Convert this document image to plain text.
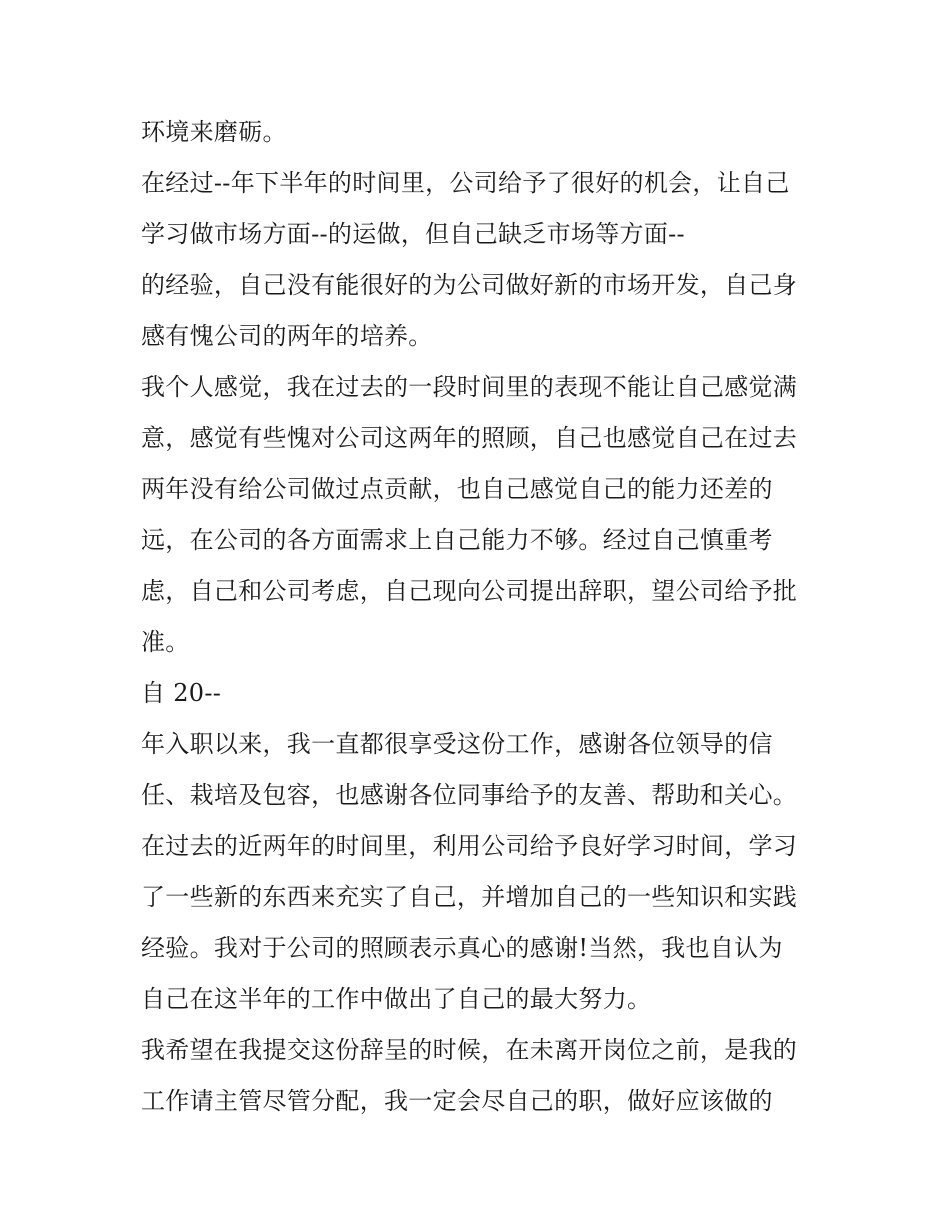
环境来磨砺。
在经过--年下半年的时间里，公司给予了很好的机会，让自己
学习做市场方面--的运做，但自己缺乏市场等方面--
的经验，自己没有能很好的为公司做好新的市场开发，自己身
感有愧公司的两年的培养。
我个人感觉，我在过去的一段时间里的表现不能让自己感觉满
意，感觉有些愧对公司这两年的照顾，自己也感觉自己在过去
两年没有给公司做过点贡献，也自己感觉自己的能力还差的
远，在公司的各方面需求上自己能力不够。经过自己慎重考
虑，自己和公司考虑，自己现向公司提出辞职，望公司给予批
准。
自 20--
年入职以来，我一直都很享受这份工作，感谢各位领导的信
任、栽培及包容，也感谢各位同事给予的友善、帮助和关心。
在过去的近两年的时间里，利用公司给予良好学习时间，学习
了一些新的东西来充实了自己，并增加自己的一些知识和实践
经验。我对于公司的照顾表示真心的感谢!当然，我也自认为
自己在这半年的工作中做出了自己的最大努力。
我希望在我提交这份辞呈的时候，在未离开岗位之前，是我的
工作请主管尽管分配，我一定会尽自己的职，做好应该做的
